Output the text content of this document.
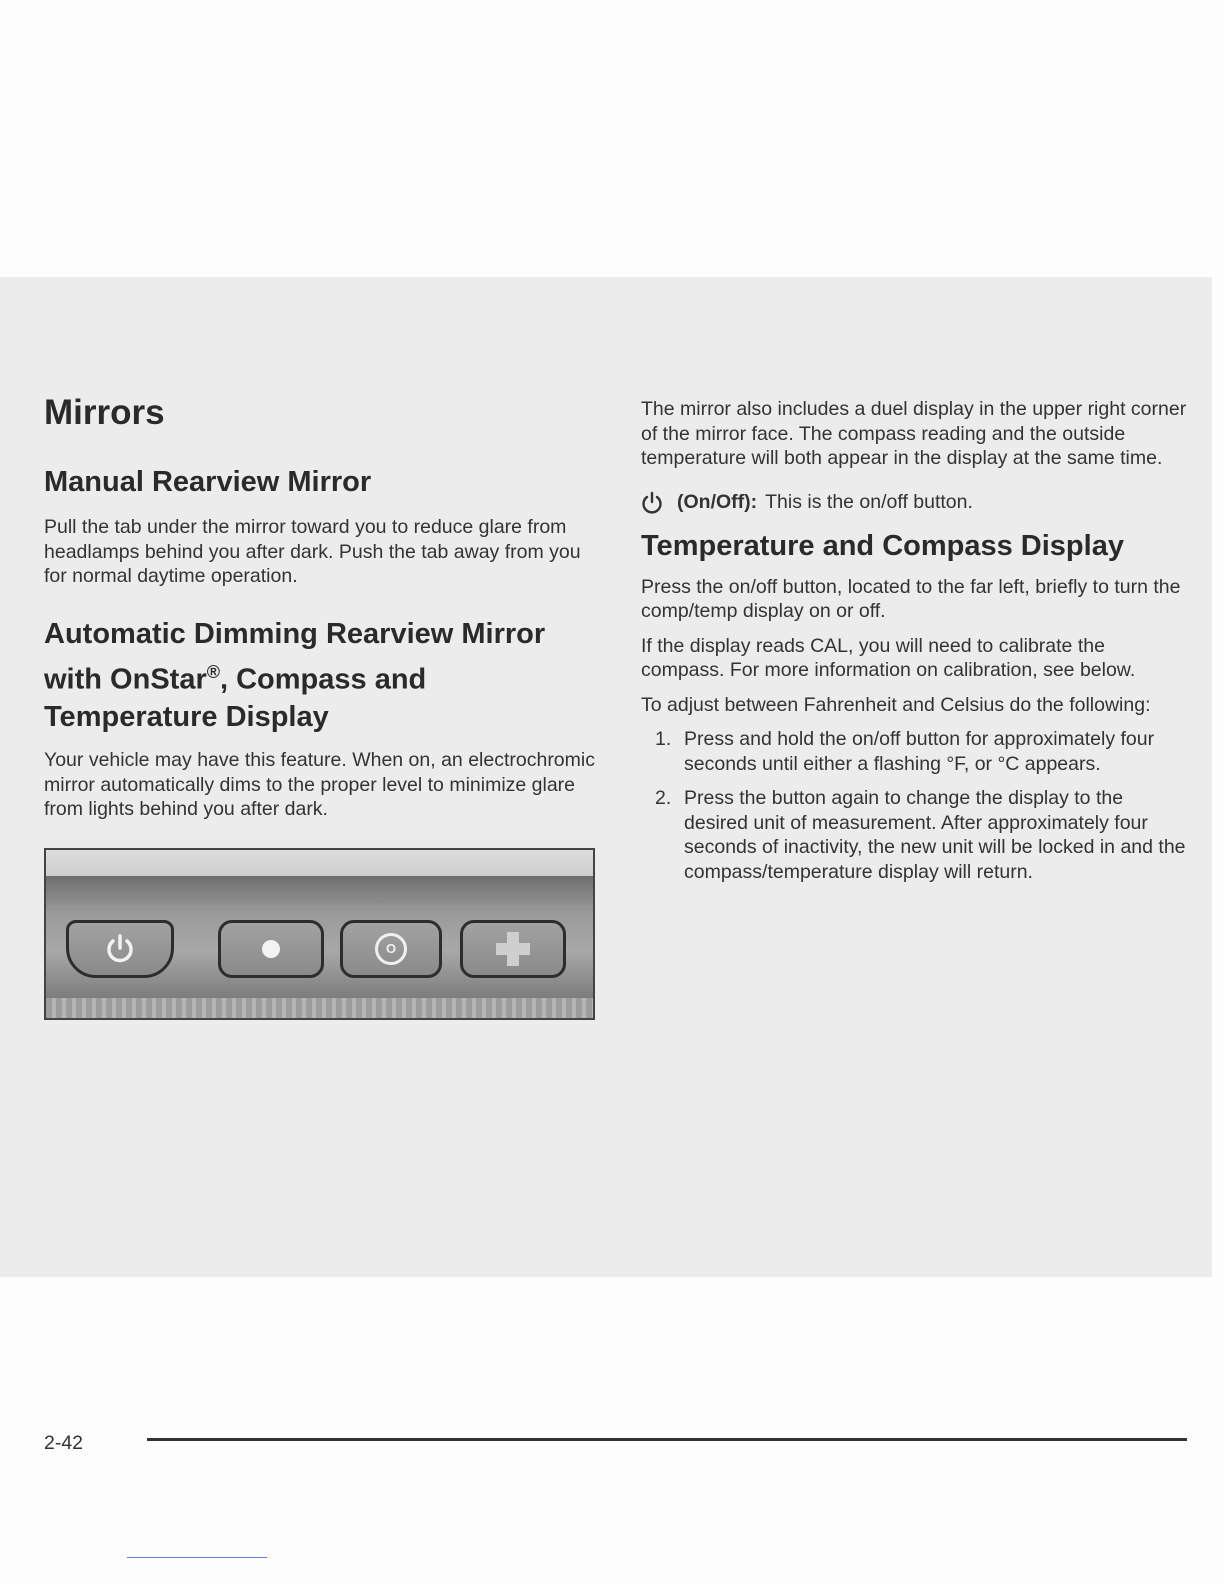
Mirrors
Manual Rearview Mirror

Pull the tab under the mirror toward you to reduce glare from headlamps behind you after dark. Push the tab away from you for normal daytime operation.

Automatic Dimming Rearview Mirror
with OnStar®, Compass and
Temperature Display

Your vehicle may have this feature. When on, an electrochromic mirror automatically dims to the proper level to minimize glare from lights behind you after dark.

O

The mirror also includes a duel display in the upper right corner of the mirror face. The compass reading and the outside temperature will both appear in the display at the same time.

(On/Off): This is the on/off button.
Temperature and Compass Display

Press the on/off button, located to the far left, briefly to turn the comp/temp display on or off.

If the display reads CAL, you will need to calibrate the compass. For more information on calibration, see below.

To adjust between Fahrenheit and Celsius do the following:

1. Press and hold the on/off button for approximately four seconds until either a flashing °F, or °C appears.
2. Press the button again to change the display to the desired unit of measurement. After approximately four seconds of inactivity, the new unit will be locked in and the compass/temperature display will return.
2-42
